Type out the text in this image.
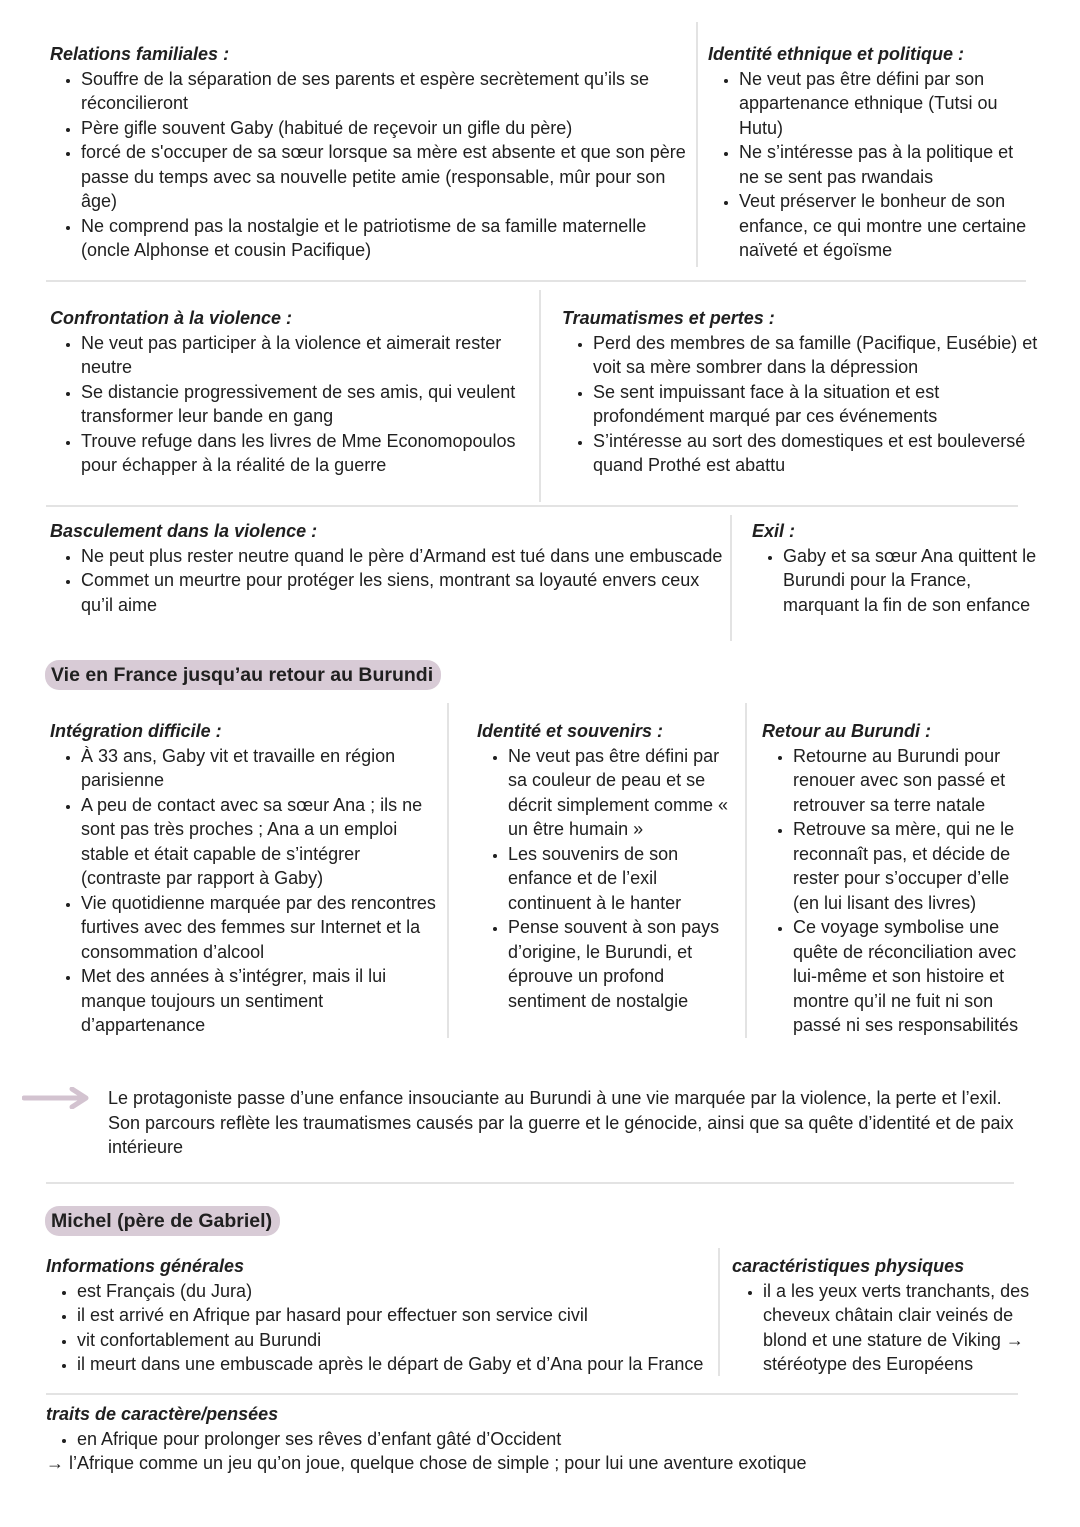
Relations familiales :

• Souffre de la séparation de ses parents et espère secrètement qu’ils se réconcilieront
• Père gifle souvent Gaby (habitué de reçevoir un gifle du père)
• forcé de s'occuper de sa sœur lorsque sa mère est absente et que son père passe du temps avec sa nouvelle petite amie (responsable, mûr pour son âge)
• Ne comprend pas la nostalgie et le patriotisme de sa famille maternelle (oncle Alphonse et cousin Pacifique)

Identité ethnique et politique :

• Ne veut pas être défini par son appartenance ethnique (Tutsi ou Hutu)
• Ne s’intéresse pas à la politique et ne se sent pas rwandais
• Veut préserver le bonheur de son enfance, ce qui montre une certaine naïveté et égoïsme

Confrontation à la violence :

• Ne veut pas participer à la violence et aimerait rester neutre
• Se distancie progressivement de ses amis, qui veulent transformer leur bande en gang
• Trouve refuge dans les livres de Mme Economopoulos pour échapper à la réalité de la guerre

Traumatismes et pertes :

• Perd des membres de sa famille (Pacifique, Eusébie) et voit sa mère sombrer dans la dépression
• Se sent impuissant face à la situation et est profondément marqué par ces événements
• S’intéresse au sort des domestiques et est bouleversé quand Prothé est abattu

Basculement dans la violence :

• Ne peut plus rester neutre quand le père d’Armand est tué dans une embuscade
• Commet un meurtre pour protéger les siens, montrant sa loyauté envers ceux qu’il aime

Exil :

• Gaby et sa sœur Ana quittent le Burundi pour la France, marquant la fin de son enfance
Vie en France jusqu’au retour au Burundi

Intégration difficile :

• À 33 ans, Gaby vit et travaille en région parisienne
• A peu de contact avec sa sœur Ana ; ils ne sont pas très proches ; Ana a un emploi stable et était capable de s’intégrer (contraste par rapport à Gaby)
• Vie quotidienne marquée par des rencontres furtives avec des femmes sur Internet et la consommation d’alcool
• Met des années à s’intégrer, mais il lui manque toujours un sentiment d’appartenance

Identité et souvenirs :

• Ne veut pas être défini par sa couleur de peau et se décrit simplement comme « un être humain »
• Les souvenirs de son enfance et de l’exil continuent à le hanter
• Pense souvent à son pays d’origine, le Burundi, et éprouve un profond sentiment de nostalgie

Retour au Burundi :

• Retourne au Burundi pour renouer avec son passé et retrouver sa terre natale
• Retrouve sa mère, qui ne le reconnaît pas, et décide de rester pour s’occuper d’elle (en lui lisant des livres)
• Ce voyage symbolise une quête de réconciliation avec lui-même et son histoire et montre qu’il ne fuit ni son passé ni ses responsabilités

Le protagoniste passe d’une enfance insouciante au Burundi à une vie marquée par la violence, la perte et l’exil. Son parcours reflète les traumatismes causés par la guerre et le génocide, ainsi que sa quête d’identité et de paix intérieure

Michel (père de Gabriel)

Informations générales

• est Français (du Jura)
• il est arrivé en Afrique par hasard pour effectuer son service civil
• vit confortablement au Burundi
• il meurt dans une embuscade après le départ de Gaby et d’Ana pour la France

caractéristiques physiques

• il a les yeux verts tranchants, des cheveux châtain clair veinés de blond et une stature de Viking → stéréotype des Européens

traits de caractère/pensées

• en Afrique pour prolonger ses rêves d’enfant gâté d’Occident

→ l’Afrique comme un jeu qu’on joue, quelque chose de simple ; pour lui une aventure exotique
